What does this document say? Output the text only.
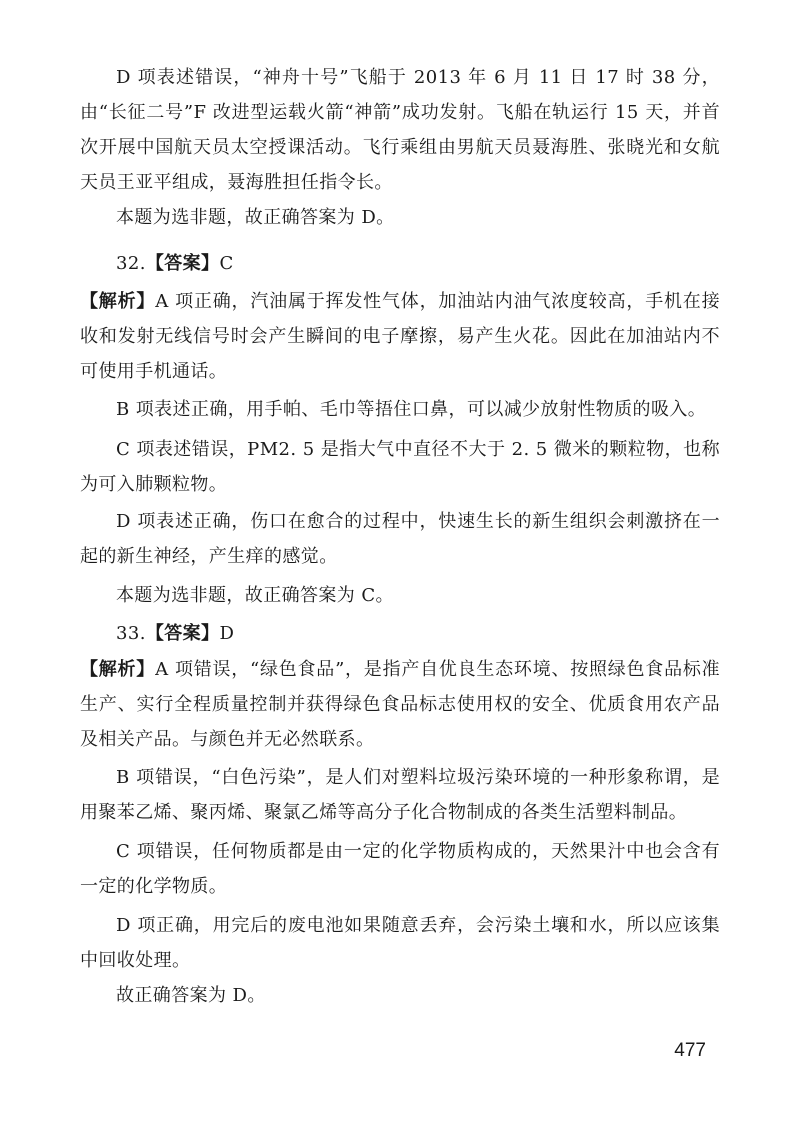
D 项表述错误，“神舟十号”飞船于 2013 年 6 月 11 日 17 时 38 分，由“长征二号”F 改进型运载火箭“神箭”成功发射。飞船在轨运行 15 天，并首次开展中国航天员太空授课活动。飞行乘组由男航天员聂海胜、张晓光和女航天员王亚平组成，聂海胜担任指令长。

本题为选非题，故正确答案为 D。

32.【答案】C

【解析】A 项正确，汽油属于挥发性气体，加油站内油气浓度较高，手机在接收和发射无线信号时会产生瞬间的电子摩擦，易产生火花。因此在加油站内不可使用手机通话。

B 项表述正确，用手帕、毛巾等捂住口鼻，可以减少放射性物质的吸入。

C 项表述错误，PM2. 5 是指大气中直径不大于 2. 5 微米的颗粒物，也称为可入肺颗粒物。

D 项表述正确，伤口在愈合的过程中，快速生长的新生组织会刺激挤在一起的新生神经，产生痒的感觉。

本题为选非题，故正确答案为 C。

33.【答案】D

【解析】A 项错误，“绿色食品”，是指产自优良生态环境、按照绿色食品标准生产、实行全程质量控制并获得绿色食品标志使用权的安全、优质食用农产品及相关产品。与颜色并无必然联系。

B 项错误，“白色污染”，是人们对塑料垃圾污染环境的一种形象称谓，是用聚苯乙烯、聚丙烯、聚氯乙烯等高分子化合物制成的各类生活塑料制品。

C 项错误，任何物质都是由一定的化学物质构成的，天然果汁中也会含有一定的化学物质。

D 项正确，用完后的废电池如果随意丢弃，会污染土壤和水，所以应该集中回收处理。

故正确答案为 D。

477
